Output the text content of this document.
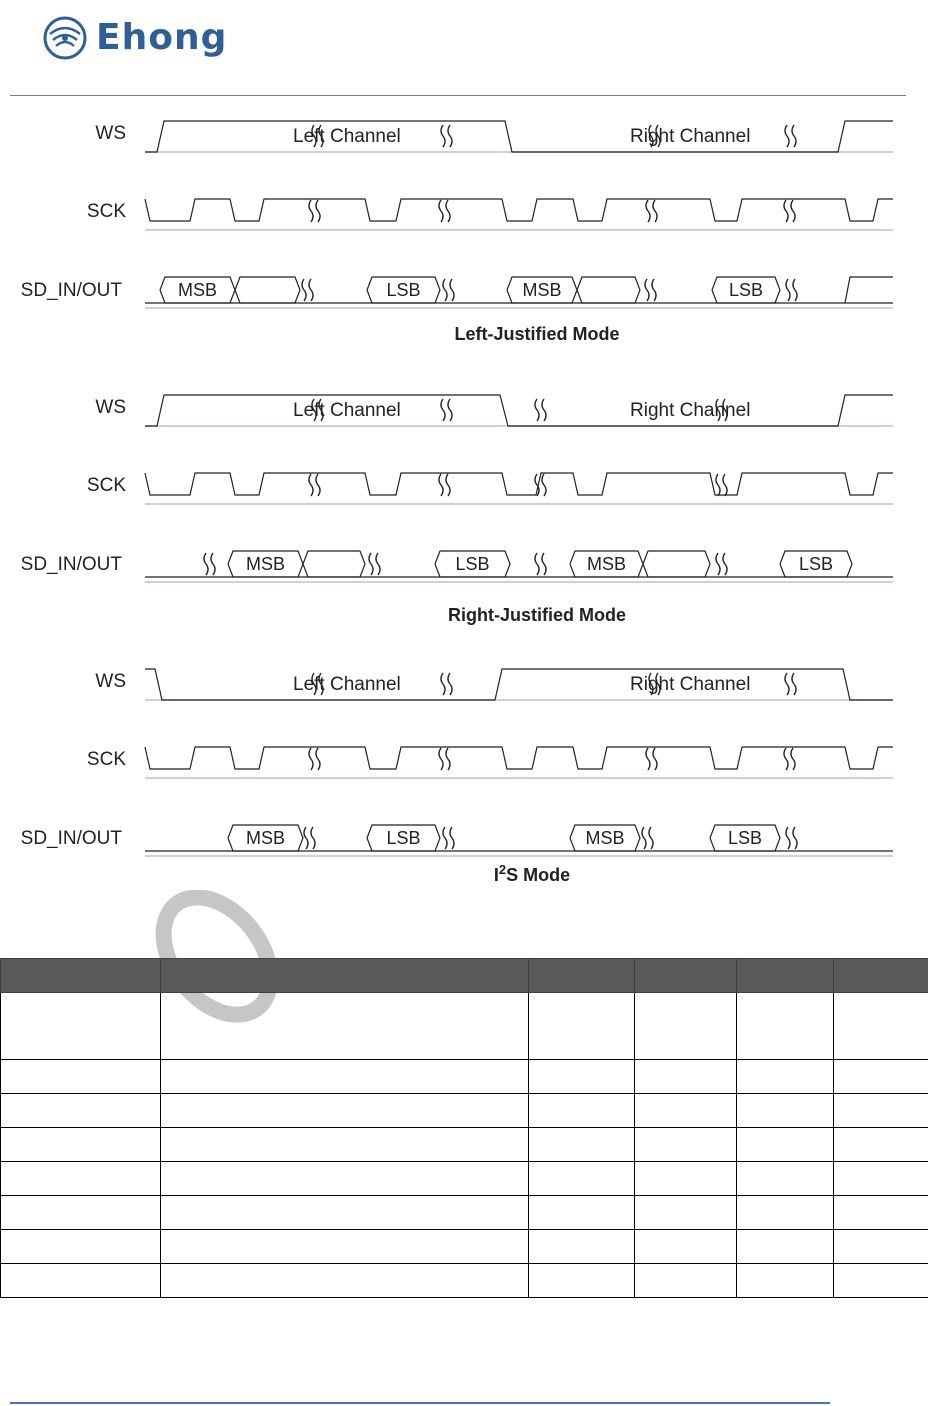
Ehong
WS
SCK
SD_IN/OUT
Left Channel	Right Channel
MSB	LSB	MSB	LSB
Left-Justified Mode
WS
SCK
SD_IN/OUT
Left Channel	Right Channel
MSB	LSB	MSB	LSB
Right-Justified Mode
WS
SCK
SD_IN/OUT
Left Channel	Right Channel
MSB	LSB	MSB	LSB
$I^2S$ Mode
